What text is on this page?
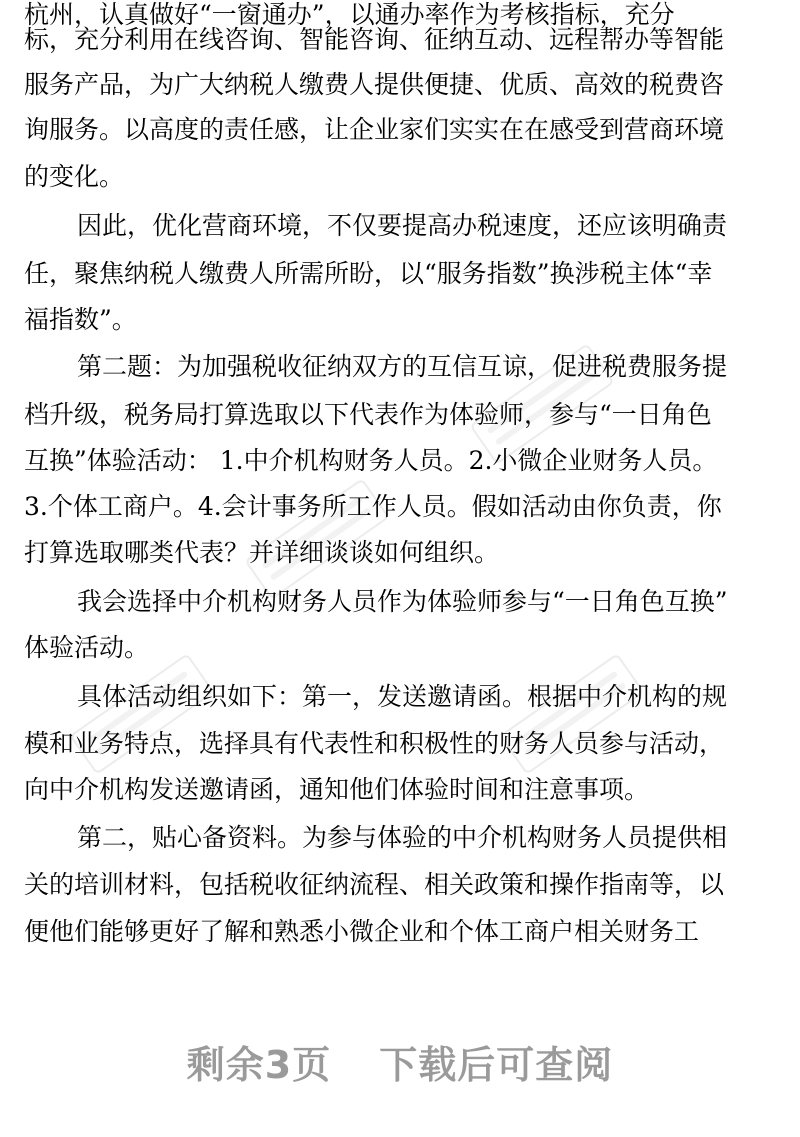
杭州，认真做好“一窗通办”，以通办率作为考核指标，充分
标，充分利用在线咨询、智能咨询、征纳互动、远程帮办等智能
服务产品，为广大纳税人缴费人提供便捷、优质、高效的税费咨
询服务。以高度的责任感，让企业家们实实在在感受到营商环境
的变化。
因此，优化营商环境，不仅要提高办税速度，还应该明确责
任，聚焦纳税人缴费人所需所盼，以“服务指数”换涉税主体“幸
福指数”。
第二题：为加强税收征纳双方的互信互谅，促进税费服务提
档升级，税务局打算选取以下代表作为体验师，参与“一日角色
互换”体验活动： 1.中介机构财务人员。2.小微企业财务人员。
3.个体工商户。4.会计事务所工作人员。假如活动由你负责，你
打算选取哪类代表？并详细谈谈如何组织。
我会选择中介机构财务人员作为体验师参与“一日角色互换”
体验活动。
具体活动组织如下：第一，发送邀请函。根据中介机构的规
模和业务特点，选择具有代表性和积极性的财务人员参与活动，
向中介机构发送邀请函，通知他们体验时间和注意事项。
第二，贴心备资料。为参与体验的中介机构财务人员提供相
关的培训材料，包括税收征纳流程、相关政策和操作指南等，以
便他们能够更好了解和熟悉小微企业和个体工商户相关财务工
剩余3页 下载后可查阅
